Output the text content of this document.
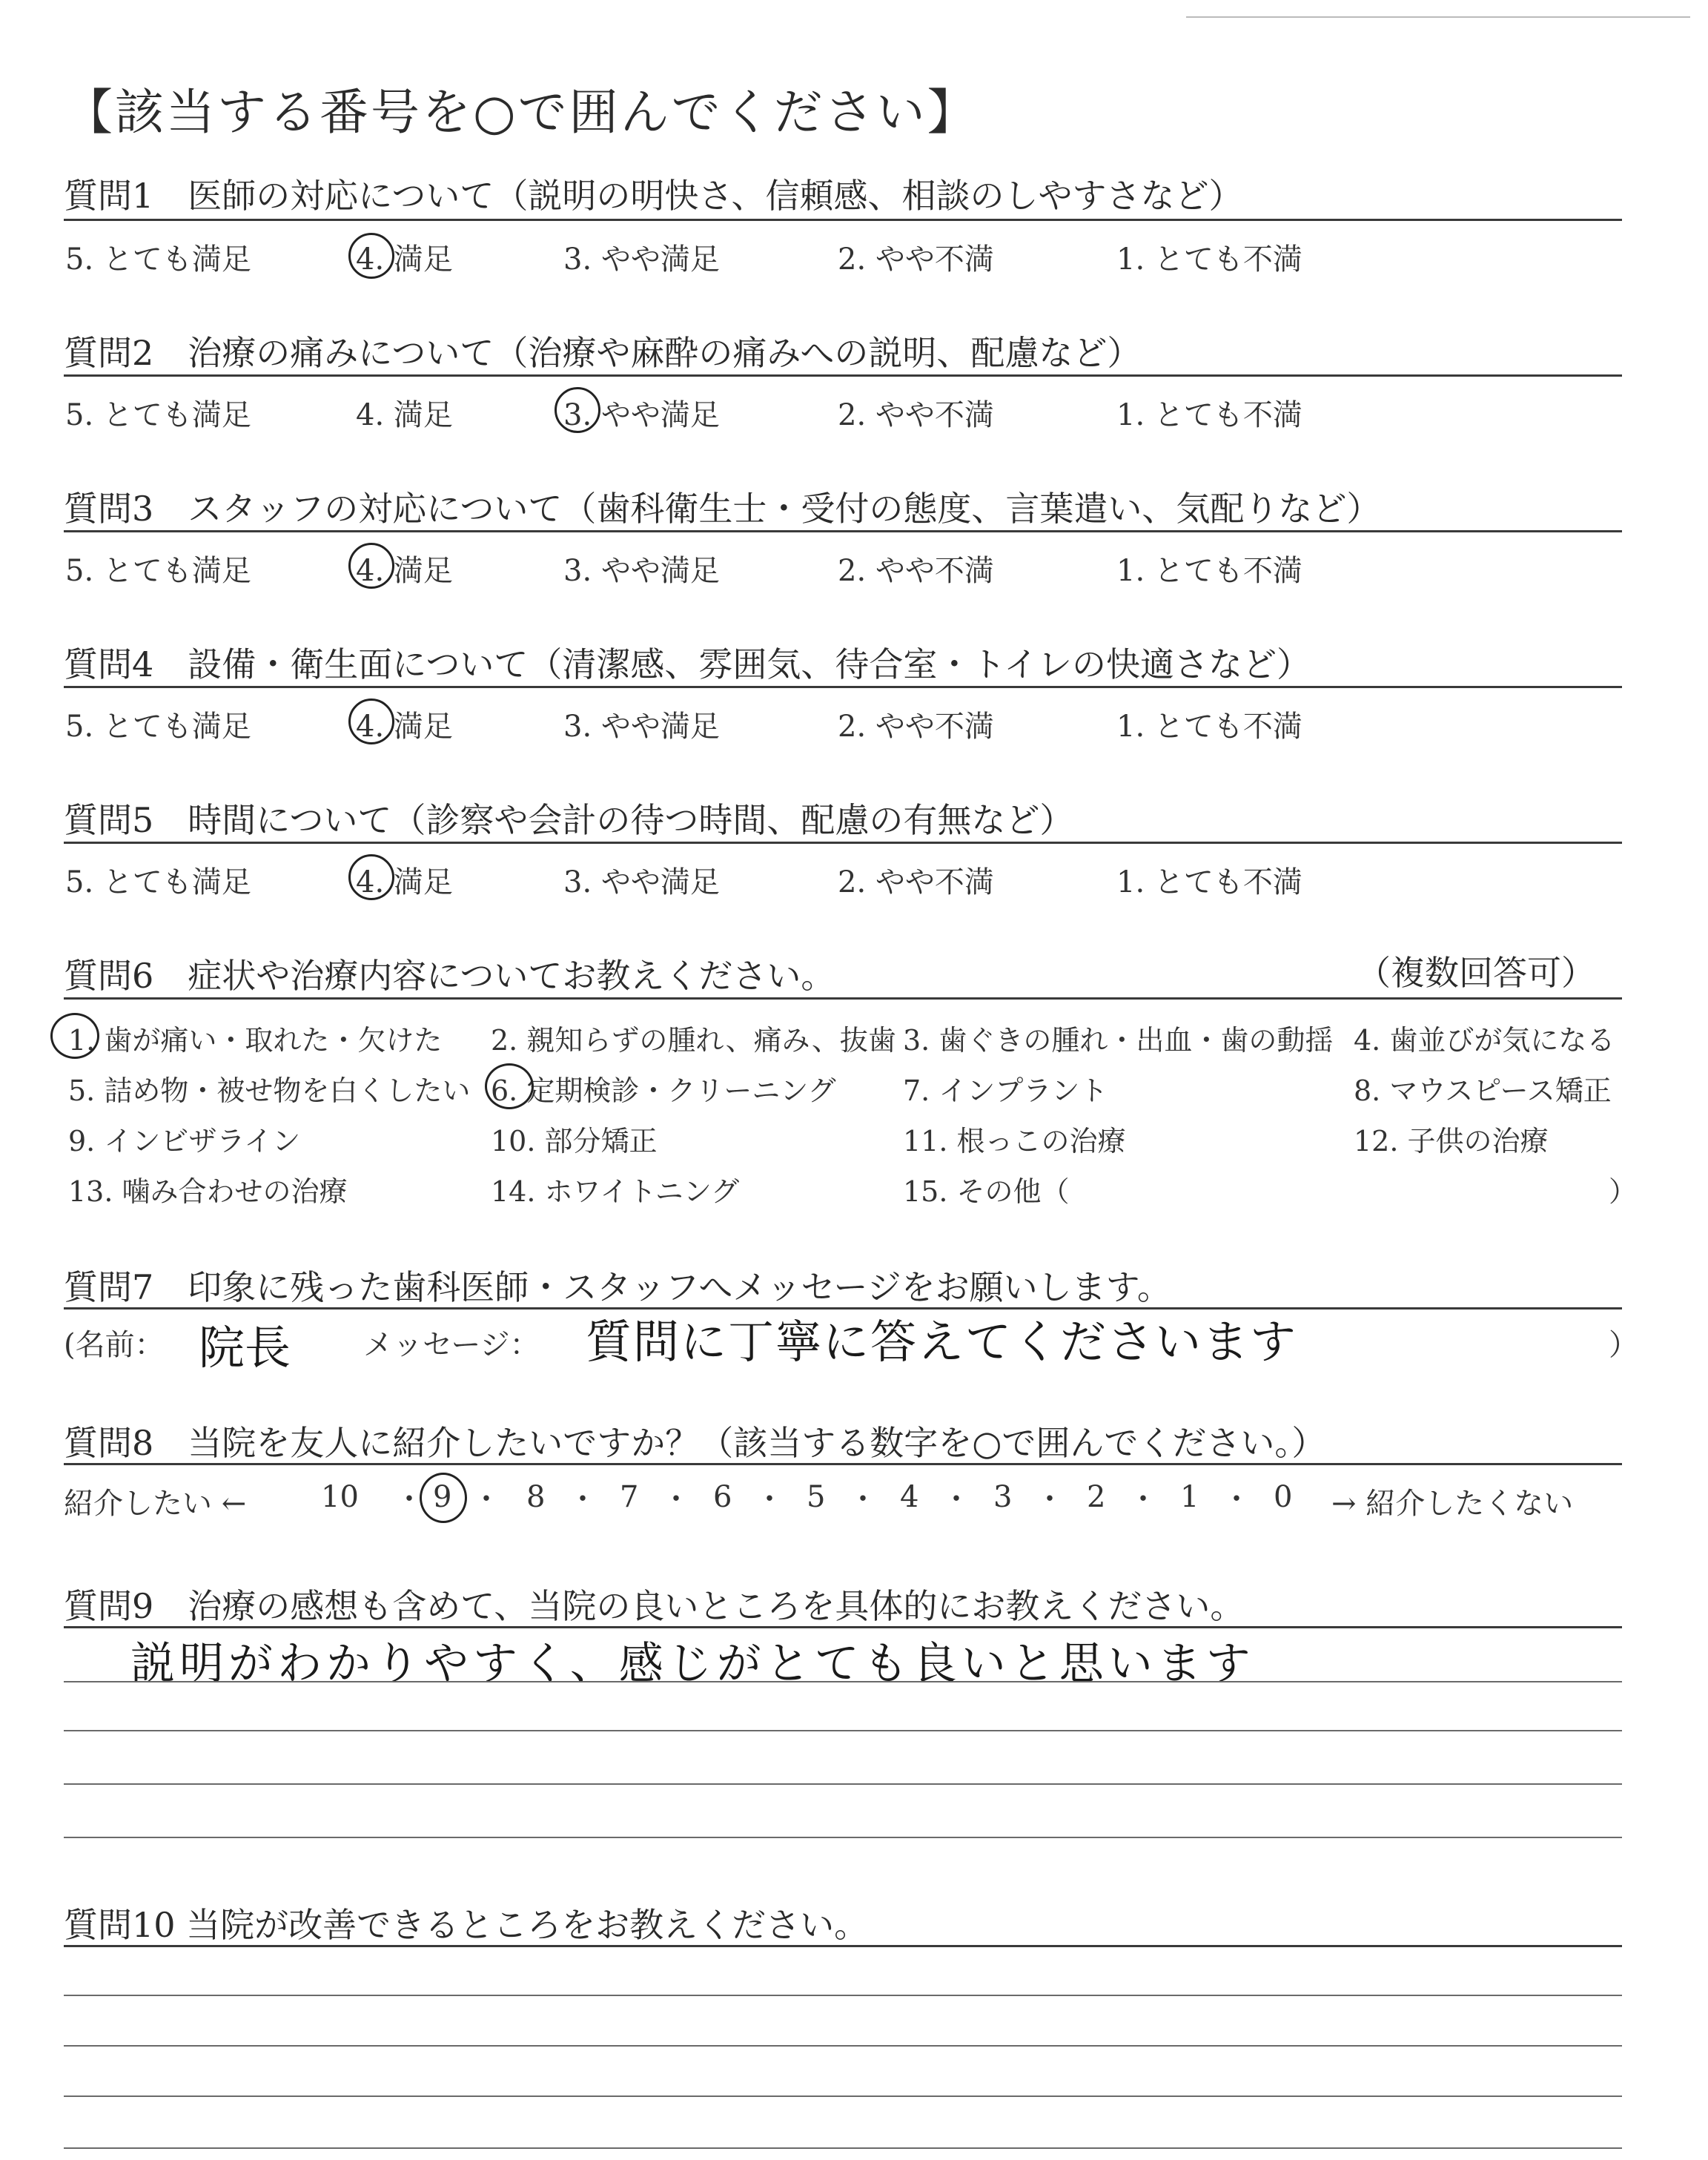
【該当する番号を○で囲んでください】
質問1　医師の対応について（説明の明快さ、信頼感、相談のしやすさなど）
5. とても満足	4. 満足	3. やや満足	2. やや不満	1. とても不満
質問2　治療の痛みについて（治療や麻酔の痛みへの説明、配慮など）
5. とても満足	4. 満足	3. やや満足	2. やや不満	1. とても不満
質問3　スタッフの対応について（歯科衛生士・受付の態度、言葉遣い、気配りなど）
5. とても満足	4. 満足	3. やや満足	2. やや不満	1. とても不満
質問4　設備・衛生面について（清潔感、雰囲気、待合室・トイレの快適さなど）
5. とても満足	4. 満足	3. やや満足	2. やや不満	1. とても不満
質問5　時間について（診察や会計の待つ時間、配慮の有無など）
5. とても満足	4. 満足	3. やや満足	2. やや不満	1. とても不満
質問6　症状や治療内容についてお教えください。	（複数回答可）
1. 歯が痛い・取れた・欠けた 2. 親知らずの腫れ、痛み、抜歯 3. 歯ぐきの腫れ・出血・歯の動揺 4. 歯並びが気になる
5. 詰め物・被せ物を白くしたい 6. 定期検診・クリーニング 7. インプラント	8. マウスピース矯正
9. インビザライン	10. 部分矯正	11. 根っこの治療	12. 子供の治療
13. 噛み合わせの治療	14. ホワイトニング	15. その他（	）
質問7　印象に残った歯科医師・スタッフへメッセージをお願いします。
(名前： 院長 メッセージ： 質問に丁寧に答えてくださいます	）
質問8　当院を友人に紹介したいですか？（該当する数字を○で囲んでください。）
紹介したい ←	10 ・ 9 ・ 8 ・ 7 ・ 6 ・ 5 ・ 4 ・ 3 ・ 2 ・ 1 ・ 0 → 紹介したくない
質問9　治療の感想も含めて、当院の良いところを具体的にお教えください。
説明がわかりやすく、感じがとても良いと思います
質問10 当院が改善できるところをお教えください。
